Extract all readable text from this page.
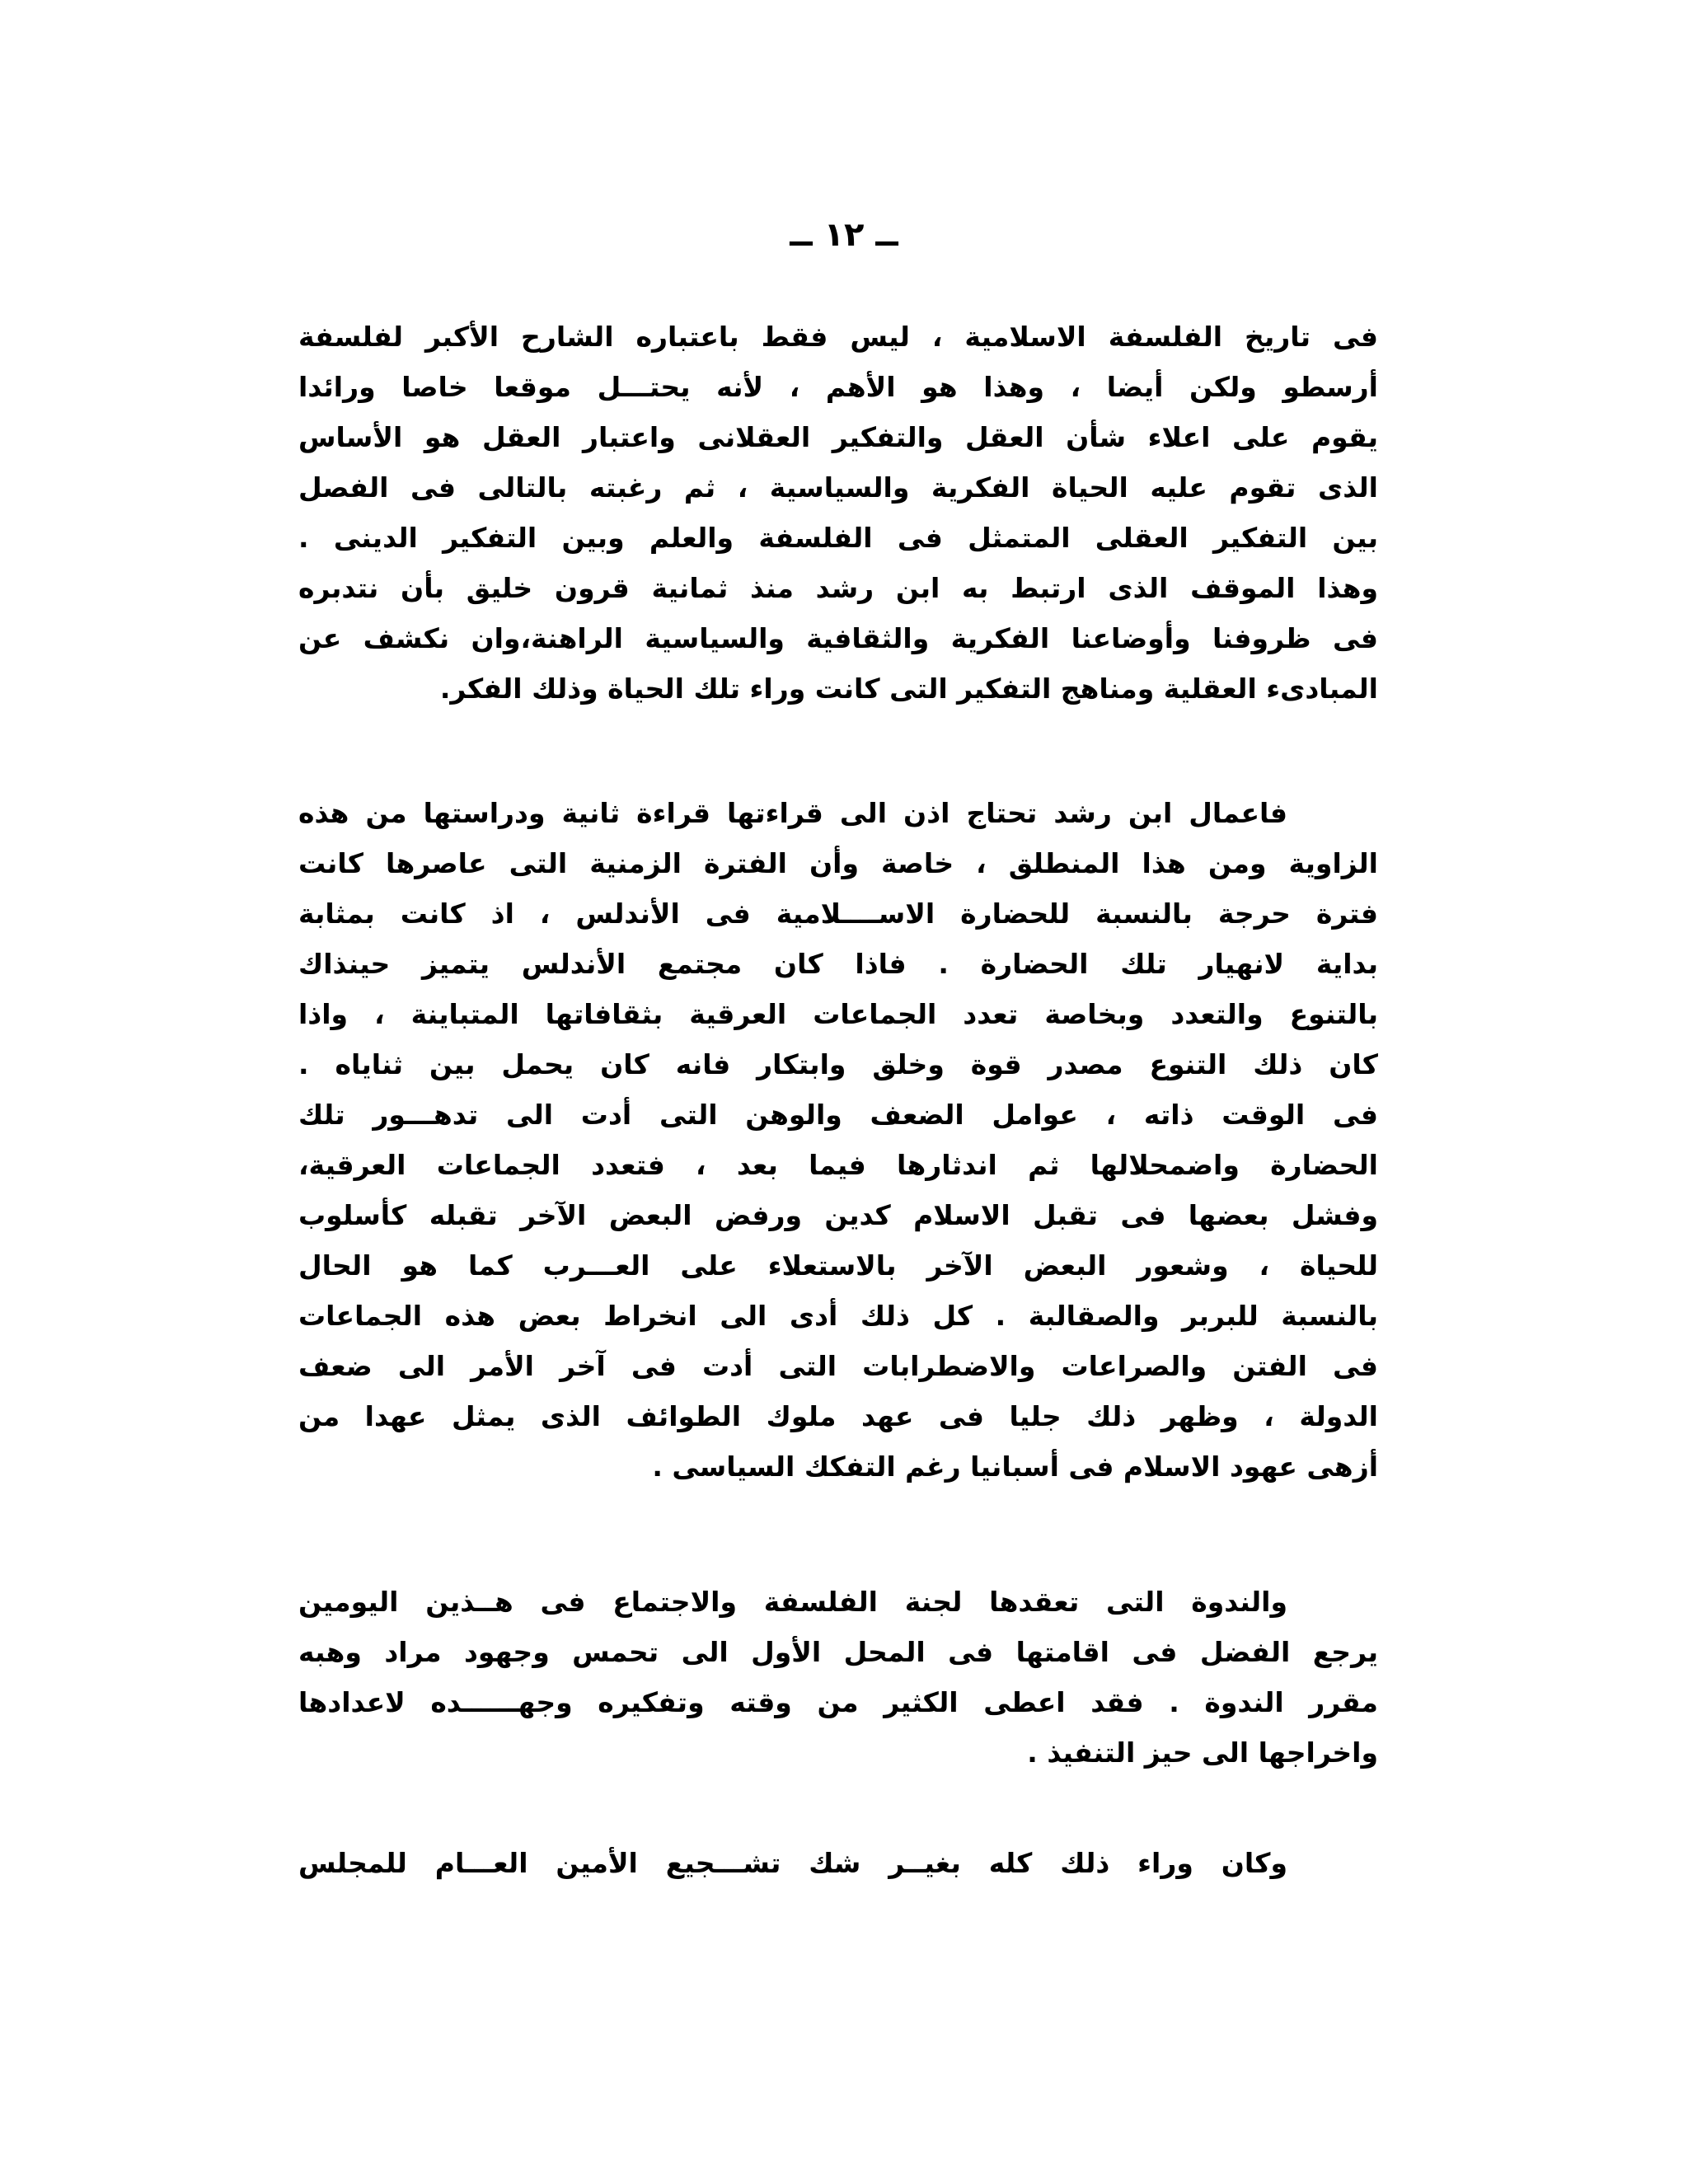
ــ ١٢ ــ
فى تاريخ الفلسفة الاسلامية ، ليس فقط باعتباره الشارح الأكبر لفلسفة
أرسطو ولكن أيضا ، وهذا هو الأهم ، لأنه يحتـــل موقعا خاصا ورائدا
يقوم على اعلاء شأن العقل والتفكير العقلانى واعتبار العقل هو الأساس
الذى تقوم عليه الحياة الفكرية والسياسية ، ثم رغبته بالتالى فى الفصل
بين التفكير العقلى المتمثل فى الفلسفة والعلم وبين التفكير الدينى .
وهذا الموقف الذى ارتبط به ابن رشد منذ ثمانية قرون خليق بأن نتدبره
فى ظروفنا وأوضاعنا الفكرية والثقافية والسياسية الراهنة،وان نكشف عن
المبادىء العقلية ومناهج التفكير التى كانت وراء تلك الحياة وذلك الفكر.
فاعمال ابن رشد تحتاج اذن الى قراءتها قراءة ثانية ودراستها من هذه
الزاوية ومن هذا المنطلق ، خاصة وأن الفترة الزمنية التى عاصرها كانت
فترة حرجة بالنسبة للحضارة الاســــلامية فى الأندلس ، اذ كانت بمثابة
بداية لانهيار تلك الحضارة . فاذا كان مجتمع الأندلس يتميز حينذاك
بالتنوع والتعدد وبخاصة تعدد الجماعات العرقية بثقافاتها المتباينة ، واذا
كان ذلك التنوع مصدر قوة وخلق وابتكار فانه كان يحمل بين ثناياه .
فى الوقت ذاته ، عوامل الضعف والوهن التى أدت الى تدهـــور تلك
الحضارة واضمحلالها ثم اندثارها فيما بعد ، فتعدد الجماعات العرقية،
وفشل بعضها فى تقبل الاسلام كدين ورفض البعض الآخر تقبله كأسلوب
للحياة ، وشعور البعض الآخر بالاستعلاء على العـــرب كما هو الحال
بالنسبة للبربر والصقالبة . كل ذلك أدى الى انخراط بعض هذه الجماعات
فى الفتن والصراعات والاضطرابات التى أدت فى آخر الأمر الى ضعف
الدولة ، وظهر ذلك جليا فى عهد ملوك الطوائف الذى يمثل عهدا من
أزهى عهود الاسلام فى أسبانيا رغم التفكك السياسى .
والندوة التى تعقدها لجنة الفلسفة والاجتماع فى هــذين اليومين
يرجع الفضل فى اقامتها فى المحل الأول الى تحمس وجهود مراد وهبه
مقرر الندوة . فقد اعطى الكثير من وقته وتفكيره وجهــــــده لاعدادها
واخراجها الى حيز التنفيذ .
وكان وراء ذلك كله بغيــر شك تشـــجيع الأمين العـــام للمجلس
